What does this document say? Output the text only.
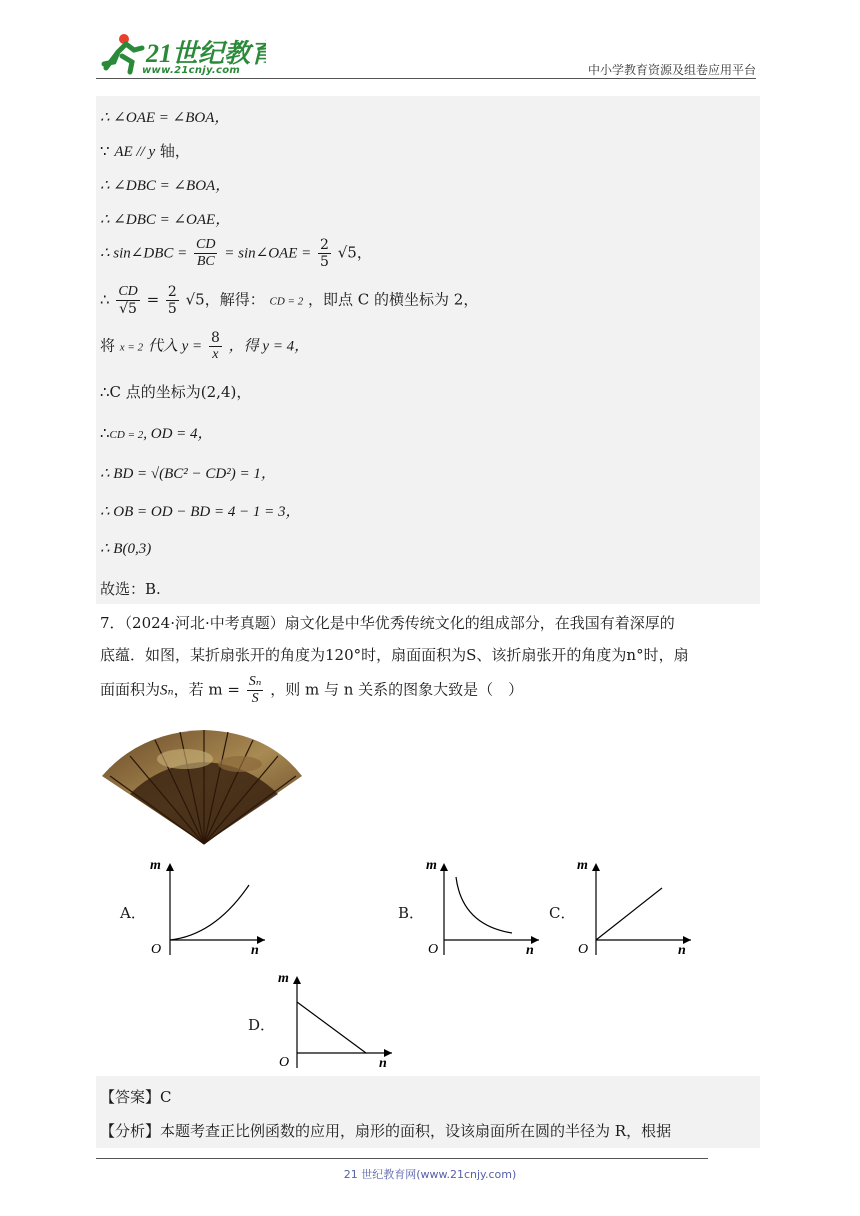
21世纪教育
www.21cnjy.com	中小学教育资源及组卷应用平台
∴ ∠OAE = ∠BOA，
∵ AE // y 轴，
∴ ∠DBC = ∠BOA，
∴ ∠DBC = ∠OAE，
∴ sin∠DBC = $\frac{CD}{BC}$ = sin∠OAE = $\frac{2}{5} √5$，
∴ $\frac{CD}{√5} = \frac{2}{5} √5$，解得： CD = 2 ，即点 C 的横坐标为 2，
将 x = 2 代入 $y = \frac{8}{x}$ ，得 y = 4，
∴C 点的坐标为(2,4)，
∴CD = 2, OD = 4，
∴ BD = √(BC² − CD²) = 1，
∴ OB = OD − BD = 4 − 1 = 3，
∴ B(0,3)
故选：B.
7．（2024·河北·中考真题）扇文化是中华优秀传统文化的组成部分，在我国有着深厚的
底蕴．如图，某折扇张开的角度为120°时，扇面面积为S、该折扇张开的角度为n°时，扇
面面积为Sₙ，若 $m = \frac{\text{Sₙ}}{S}$ ，则 m 与 n 关系的图象大致是（　）
A．
m
n
O
B．
m
n
O
C．
m
n
O
D．
m
n
O
【答案】C
【分析】本题考查正比例函数的应用，扇形的面积，设该扇面所在圆的半径为 R，根据
21 世纪教育网(www.21cnjy.com)
